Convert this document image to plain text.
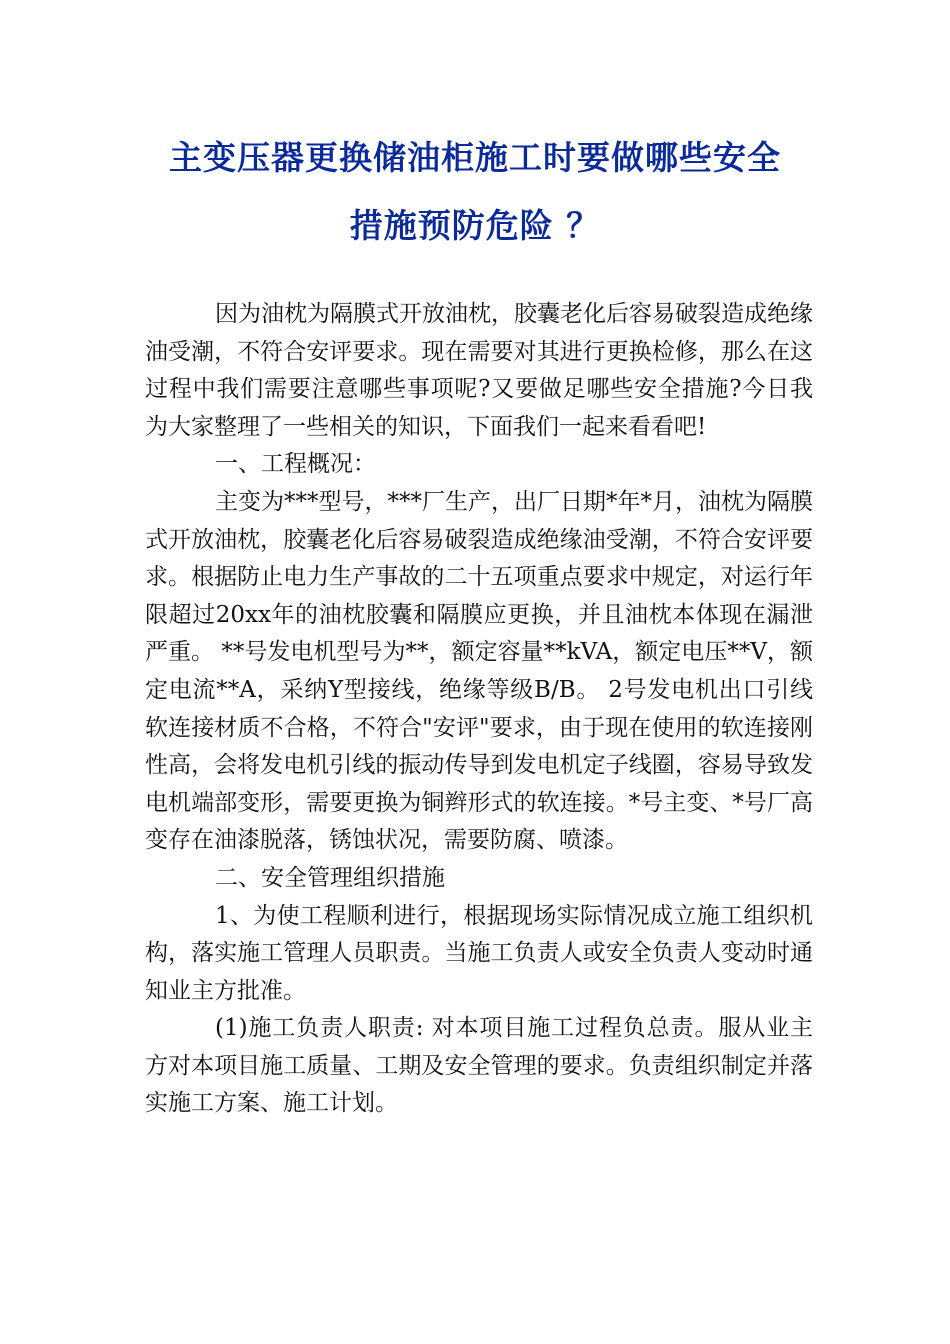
主变压器更换储油柜施工时要做哪些安全
措施预防危险 ？

因为油枕为隔膜式开放油枕，胶囊老化后容易破裂造成绝缘油受潮，不符合安评要求。现在需要对其进行更换检修，那么在这过程中我们需要注意哪些事项呢?又要做足哪些安全措施?今日我为大家整理了一些相关的知识，下面我们一起来看看吧!

一、工程概况：

主变为***型号，***厂生产，出厂日期*年*月，油枕为隔膜式开放油枕，胶囊老化后容易破裂造成绝缘油受潮，不符合安评要求。根据防止电力生产事故的二十五项重点要求中规定，对运行年限超过20xx年的油枕胶囊和隔膜应更换，并且油枕本体现在漏泄严重。 **号发电机型号为**，额定容量**kVA，额定电压**V，额定电流**A，采纳Y型接线，绝缘等级B/B。 2号发电机出口引线软连接材质不合格，不符合"安评"要求，由于现在使用的软连接刚性高，会将发电机引线的振动传导到发电机定子线圈，容易导致发电机端部变形，需要更换为铜辫形式的软连接。*号主变、*号厂高变存在油漆脱落，锈蚀状况，需要防腐、喷漆。

二、安全管理组织措施

1、为使工程顺利进行，根据现场实际情况成立施工组织机构，落实施工管理人员职责。当施工负责人或安全负责人变动时通知业主方批准。

(1)施工负责人职责: 对本项目施工过程负总责。服从业主方对本项目施工质量、工期及安全管理的要求。负责组织制定并落实施工方案、施工计划。
